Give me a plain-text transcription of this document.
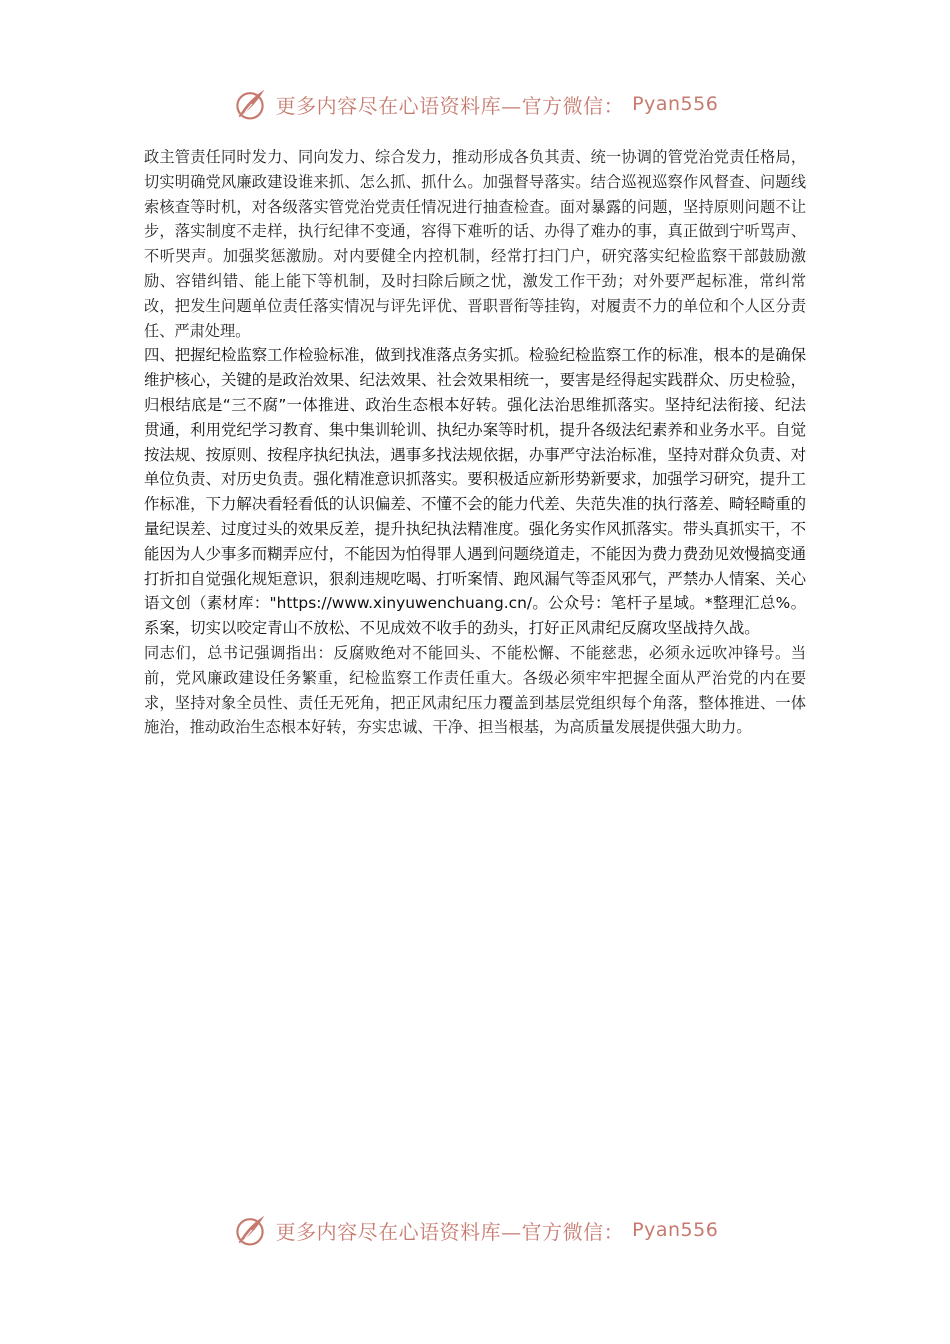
更多内容尽在心语资料库—官方微信： Pyan556

政主管责任同时发力、同向发力、综合发力，推动形成各负其责、统一协调的管党治党责任格局，切实明确党风廉政建设谁来抓、怎么抓、抓什么。加强督导落实。结合巡视巡察作风督查、问题线索核查等时机，对各级落实管党治党责任情况进行抽查检查。面对暴露的问题，坚持原则问题不让步，落实制度不走样，执行纪律不变通，容得下难听的话、办得了难办的事，真正做到宁听骂声、不听哭声。加强奖惩激励。对内要健全内控机制，经常打扫门户，研究落实纪检监察干部鼓励激励、容错纠错、能上能下等机制，及时扫除后顾之忧，激发工作干劲；对外要严起标准，常纠常改，把发生问题单位责任落实情况与评先评优、晋职晋衔等挂钩，对履责不力的单位和个人区分责任、严肃处理。

四、把握纪检监察工作检验标准，做到找准落点务实抓。检验纪检监察工作的标准，根本的是确保维护核心，关键的是政治效果、纪法效果、社会效果相统一，要害是经得起实践群众、历史检验，归根结底是“三不腐”一体推进、政治生态根本好转。强化法治思维抓落实。坚持纪法衔接、纪法贯通，利用党纪学习教育、集中集训轮训、执纪办案等时机，提升各级法纪素养和业务水平。自觉按法规、按原则、按程序执纪执法，遇事多找法规依据，办事严守法治标准，坚持对群众负责、对单位负责、对历史负责。强化精准意识抓落实。要积极适应新形势新要求，加强学习研究，提升工作标准，下力解决看轻看低的认识偏差、不懂不会的能力代差、失范失准的执行落差、畸轻畸重的量纪误差、过度过头的效果反差，提升执纪执法精准度。强化务实作风抓落实。带头真抓实干，不能因为人少事多而糊弄应付，不能因为怕得罪人遇到问题绕道走，不能因为费力费劲见效慢搞变通打折扣自觉强化规矩意识，狠刹违规吃喝、打听案情、跑风漏气等歪风邪气，严禁办人情案、关心语文创（素材库："https://www.xinyuwenchuang.cn/。公众号：笔杆子星域。*整理汇总%。系案，切实以咬定青山不放松、不见成效不收手的劲头，打好正风肃纪反腐攻坚战持久战。

同志们，总书记强调指出：反腐败绝对不能回头、不能松懈、不能慈悲，必须永远吹冲锋号。当前，党风廉政建设任务繁重，纪检监察工作责任重大。各级必须牢牢把握全面从严治党的内在要求，坚持对象全员性、责任无死角，把正风肃纪压力覆盖到基层党组织每个角落，整体推进、一体施治，推动政治生态根本好转，夯实忠诚、干净、担当根基，为高质量发展提供强大助力。

更多内容尽在心语资料库—官方微信： Pyan556
